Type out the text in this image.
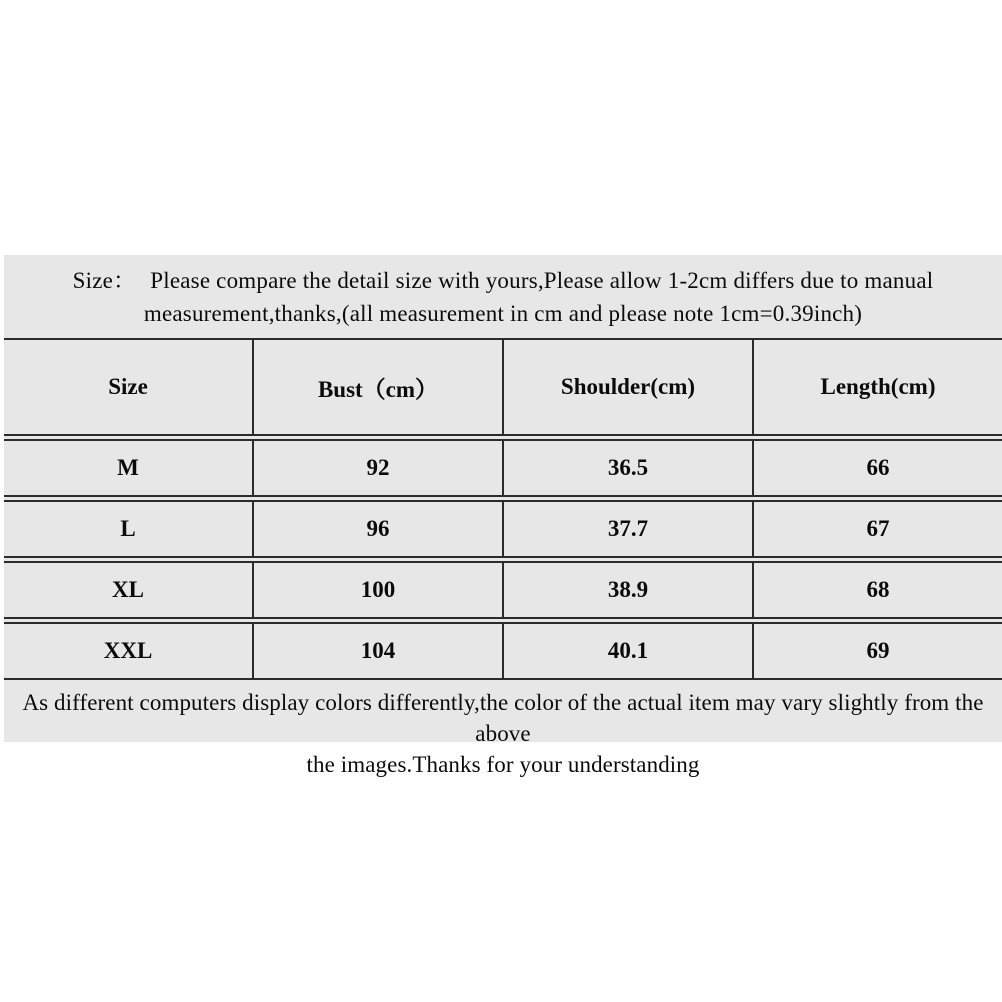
Size： Please compare the detail size with yours,Please allow 1-2cm differs due to manual
measurement,thanks,(all measurement in cm and please note 1cm=0.39inch)
Size	Bust（cm）	Shoulder(cm)	Length(cm)
M	92	36.5	66
L	96	37.7	67
XL	100	38.9	68
XXL	104	40.1	69
As different computers display colors differently,the color of the actual item may vary slightly from the above
the images.Thanks for your understanding
